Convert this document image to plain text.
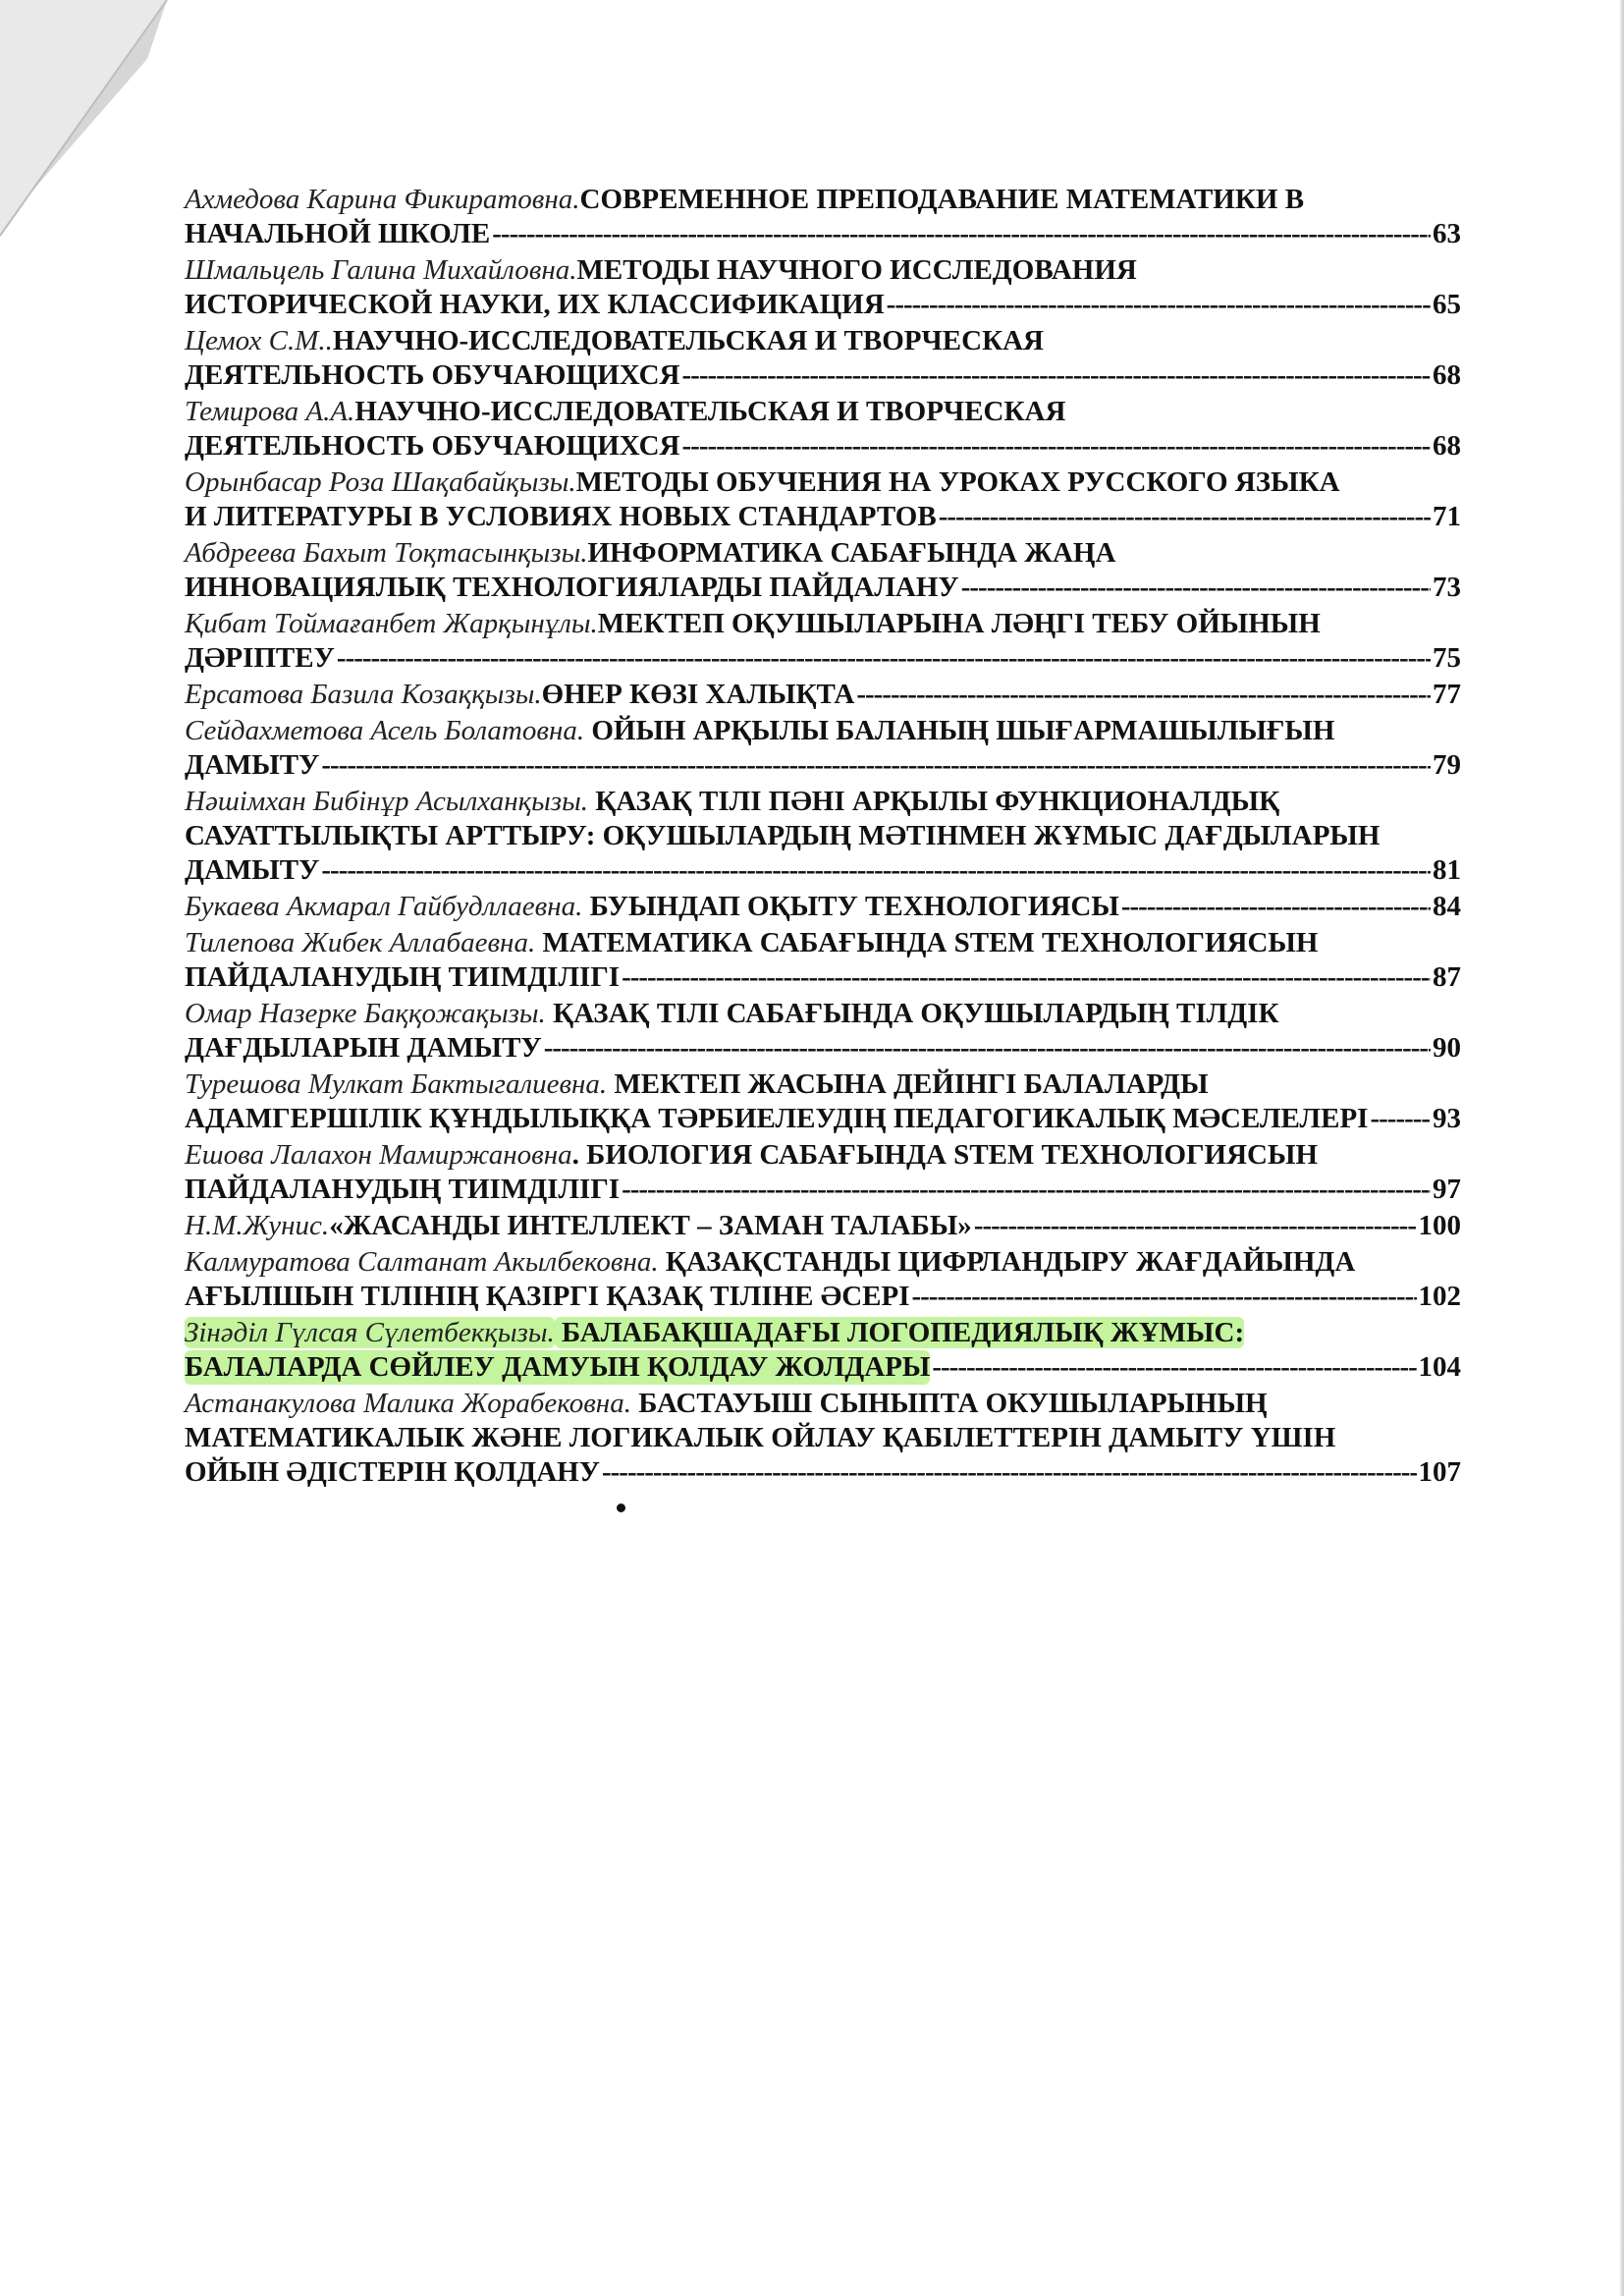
Ахмедова Карина Фикиратовна.СОВРЕМЕННОЕ ПРЕПОДАВАНИЕ МАТЕМАТИКИ В
НАЧАЛЬНОЙ ШКОЛЕ -----	63
Шмальцель Галина Михайловна.МЕТОДЫ НАУЧНОГО ИССЛЕДОВАНИЯ
ИСТОРИЧЕСКОЙ НАУКИ, ИХ КЛАССИФИКАЦИЯ -----	65
Цемох С.М..НАУЧНО-ИССЛЕДОВАТЕЛЬСКАЯ И ТВОРЧЕСКАЯ
ДЕЯТЕЛЬНОСТЬ ОБУЧАЮЩИХСЯ -----	68
Темирова А.А.НАУЧНО-ИССЛЕДОВАТЕЛЬСКАЯ И ТВОРЧЕСКАЯ
ДЕЯТЕЛЬНОСТЬ ОБУЧАЮЩИХСЯ -----	68
Орынбасар Роза Шақабайқызы.МЕТОДЫ ОБУЧЕНИЯ НА УРОКАХ РУССКОГО ЯЗЫКА
И ЛИТЕРАТУРЫ В УСЛОВИЯХ НОВЫХ СТАНДАРТОВ -----	71
Абдреева Бахыт Тоқтасынқызы.ИНФОРМАТИКА САБАҒЫНДА ЖАҢА
ИННОВАЦИЯЛЫҚ ТЕХНОЛОГИЯЛАРДЫ ПАЙДАЛАНУ -----	73
Қибат Тоймағанбет Жарқынұлы.МЕКТЕП ОҚУШЫЛАРЫНА ЛӘҢГІ ТЕБУ ОЙЫНЫН
ДӘРІПТЕУ -----	75
Ерсатова Базила Козаққызы.ӨНЕР КӨЗІ ХАЛЫҚТА -----	77
Сейдахметова Асель Болатовна. ОЙЫН АРҚЫЛЫ БАЛАНЫҢ ШЫҒАРМАШЫЛЫҒЫН
ДАМЫТУ -----	79
Нәшімхан Бибінұр Асылханқызы. ҚАЗАҚ ТІЛІ ПӘНІ АРҚЫЛЫ ФУНКЦИОНАЛДЫҚ
САУАТТЫЛЫҚТЫ АРТТЫРУ: ОҚУШЫЛАРДЫҢ МӘТІНМЕН ЖҰМЫС ДАҒДЫЛАРЫН
ДАМЫТУ -----	81
Букаева Акмарал Гайбудллаевна. БУЫНДАП ОҚЫТУ ТЕХНОЛОГИЯСЫ -----	84
Тилепова Жибек Аллабаевна. МАТЕМАТИКА САБАҒЫНДА STEM ТЕХНОЛОГИЯСЫН
ПАЙДАЛАНУДЫҢ ТИІМДІЛІГІ -----	87
Омар Назерке Баққожақызы. ҚАЗАҚ ТІЛІ САБАҒЫНДА ОҚУШЫЛАРДЫҢ ТІЛДІК
ДАҒДЫЛАРЫН ДАМЫТУ -----	90
Турешова Мулкат Бактыгалиевна. МЕКТЕП ЖАСЫНА ДЕЙІНГІ БАЛАЛАРДЫ
АДАМГЕРШІЛІК ҚҰНДЫЛЫҚҚА ТӘРБИЕЛЕУДІҢ ПЕДАГОГИКАЛЫҚ МӘСЕЛЕЛЕРІ ----- 93
Ешова Лалахон Мамиржановна. БИОЛОГИЯ САБАҒЫНДА STEM ТЕХНОЛОГИЯСЫН
ПАЙДАЛАНУДЫҢ ТИІМДІЛІГІ -----	97
Н.М.Жунис.«ЖАСАНДЫ ИНТЕЛЛЕКТ – ЗАМАН ТАЛАБЫ» -----	100
Калмуратова Салтанат Акылбековна. ҚАЗАҚСТАНДЫ ЦИФРЛАНДЫРУ ЖАҒДАЙЫНДА
АҒЫЛШЫН ТІЛІНІҢ ҚАЗІРГІ ҚАЗАҚ ТІЛІНЕ ӘСЕРІ -----	102
Зінәділ Гүлсая Сүлетбекқызы. БАЛАБАҚШАДАҒЫ ЛОГОПЕДИЯЛЫҚ ЖҰМЫС:
БАЛАЛАРДА СӨЙЛЕУ ДАМУЫН ҚОЛДАУ ЖОЛДАРЫ -----	104
Астанакулова Малика Жорабековна. БАСТАУЫШ СЫНЫПТА ОКУШЫЛАРЫНЫҢ
МАТЕМАТИКАЛЫК ЖӘНЕ ЛОГИКАЛЫК ОЙЛАУ ҚАБІЛЕТТЕРІН ДАМЫТУ ҮШІН
ОЙЫН ӘДІСТЕРІН ҚОЛДАНУ -----	107
